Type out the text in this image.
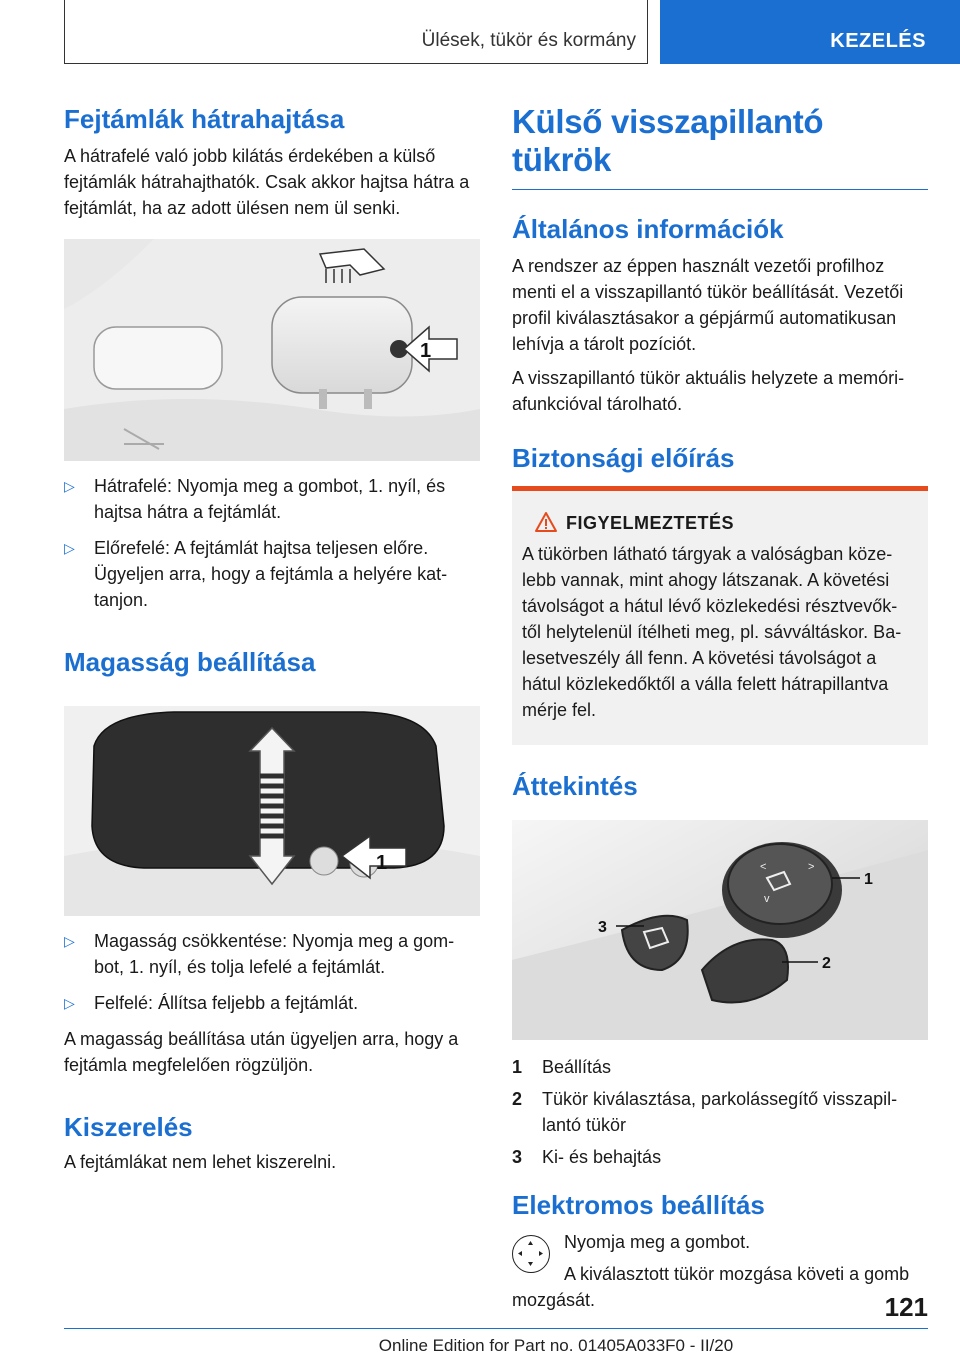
Ülések, tükör és kormány	KEZELÉS
Fejtámlák hátrahajtása

A hátrafelé való jobb kilátás érdekében a külső fejtámlák hátrahajthatók. Csak akkor hajtsa hátra a fejtámlát, ha az adott ülésen nem ül senki.

1
▷ Hátrafelé: Nyomja meg a gombot, 1. nyíl, és hajtsa hátra a fejtámlát.
▷ Előrefelé: A fejtámlát hajtsa teljesen előre. Ügyeljen arra, hogy a fejtámla a helyére kat‐ tanjon.
Magasság beállítása
1
▷ Magasság csökkentése: Nyomja meg a gom‐ bot, 1. nyíl, és tolja lefelé a fejtámlát.
▷ Felfelé: Állítsa feljebb a fejtámlát.

A magasság beállítása után ügyeljen arra, hogy a fejtámla megfelelően rögzüljön.

Kiszerelés

A fejtámlákat nem lehet kiszerelni.

Külső visszapillantó tükrök
Általános információk

A rendszer az éppen használt vezetői profilhoz menti el a visszapillantó tükör beállítását. Vezetői profil kiválasztásakor a gépjármű automatikusan lehívja a tárolt pozíciót.

A visszapillantó tükör aktuális helyzete a memóri‐ afunkcióval tárolható.

Biztonsági előírás
FIGYELMEZTETÉS

A tükörben látható tárgyak a valóságban köze‐ lebb vannak, mint ahogy látszanak. A követési távolságot a hátul lévő közlekedési résztvevők‐ től helytelenül ítélheti meg, pl. sávváltáskor. Ba‐ lesetveszély áll fenn. A követési távolságot a hátul közlekedőktől a válla felett hátrapillantva mérje fel.

Áttekintés
<	>
v
1
2
3
1 Beállítás
2 Tükör kiválasztása, parkolássegítő visszapil‐ lantó tükör
3 Ki- és behajtás
Elektromos beállítás

Nyomja meg a gombot.

A kiválasztott tükör mozgása követi a gomb mozgását.	121
Online Edition for Part no. 01405A033F0 - II/20
